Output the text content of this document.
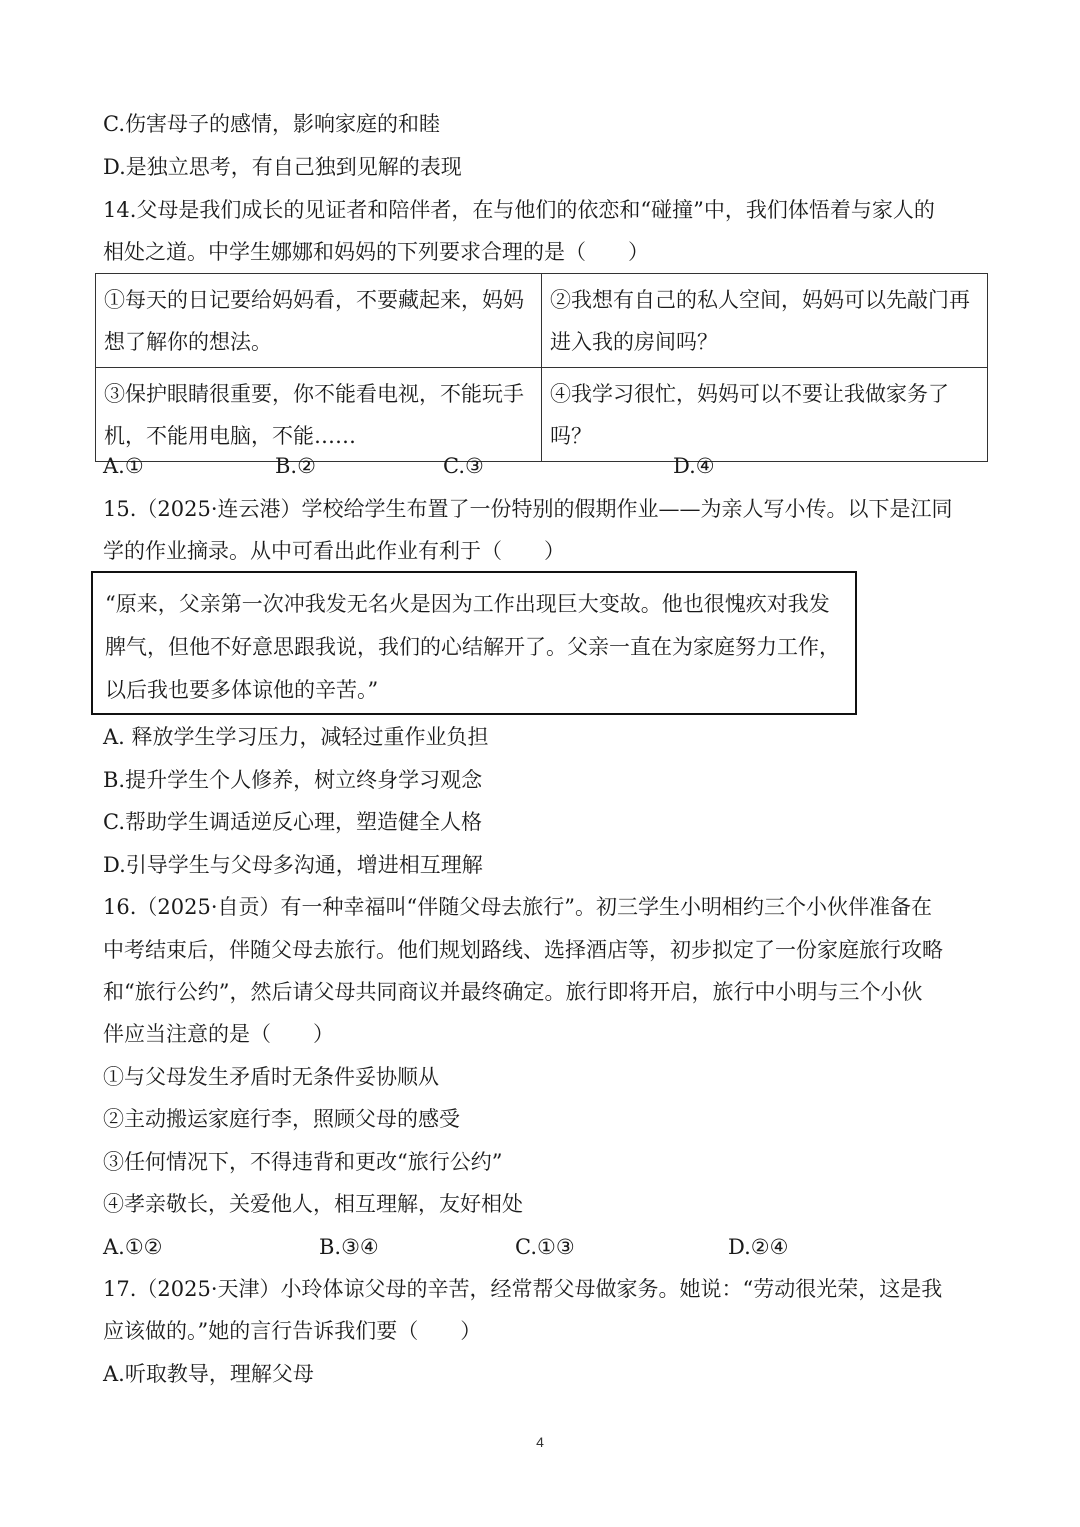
C.伤害母子的感情，影响家庭的和睦
D.是独立思考，有自己独到见解的表现
14.父母是我们成长的见证者和陪伴者，在与他们的依恋和“碰撞”中，我们体悟着与家人的
相处之道。中学生娜娜和妈妈的下列要求合理的是（　　）
①每天的日记要给妈妈看，不要藏起来，妈妈想了解你的想法。	②我想有自己的私人空间，妈妈可以先敲门再进入我的房间吗？
③保护眼睛很重要，你不能看电视，不能玩手机，不能用电脑，不能……	④我学习很忙，妈妈可以不要让我做家务了吗？
A.①	B.②	C.③	D.④
15.（2025·连云港）学校给学生布置了一份特别的假期作业——为亲人写小传。以下是江同
学的作业摘录。从中可看出此作业有利于（　　）
“原来，父亲第一次冲我发无名火是因为工作出现巨大变故。他也很愧疚对我发脾气，但他不好意思跟我说，我们的心结解开了。父亲一直在为家庭努力工作，以后我也要多体谅他的辛苦。”
A. 释放学生学习压力，减轻过重作业负担
B.提升学生个人修养，树立终身学习观念
C.帮助学生调适逆反心理，塑造健全人格
D.引导学生与父母多沟通，增进相互理解
16.（2025·自贡）有一种幸福叫“伴随父母去旅行”。初三学生小明相约三个小伙伴准备在
中考结束后，伴随父母去旅行。他们规划路线、选择酒店等，初步拟定了一份家庭旅行攻略
和“旅行公约”，然后请父母共同商议并最终确定。旅行即将开启，旅行中小明与三个小伙
伴应当注意的是（　　）
①与父母发生矛盾时无条件妥协顺从
②主动搬运家庭行李，照顾父母的感受
③任何情况下，不得违背和更改“旅行公约”
④孝亲敬长，关爱他人，相互理解，友好相处
A.①②	B.③④	C.①③	D.②④
17.（2025·天津）小玲体谅父母的辛苦，经常帮父母做家务。她说：“劳动很光荣，这是我
应该做的。”她的言行告诉我们要（　　）
A.听取教导，理解父母
4
